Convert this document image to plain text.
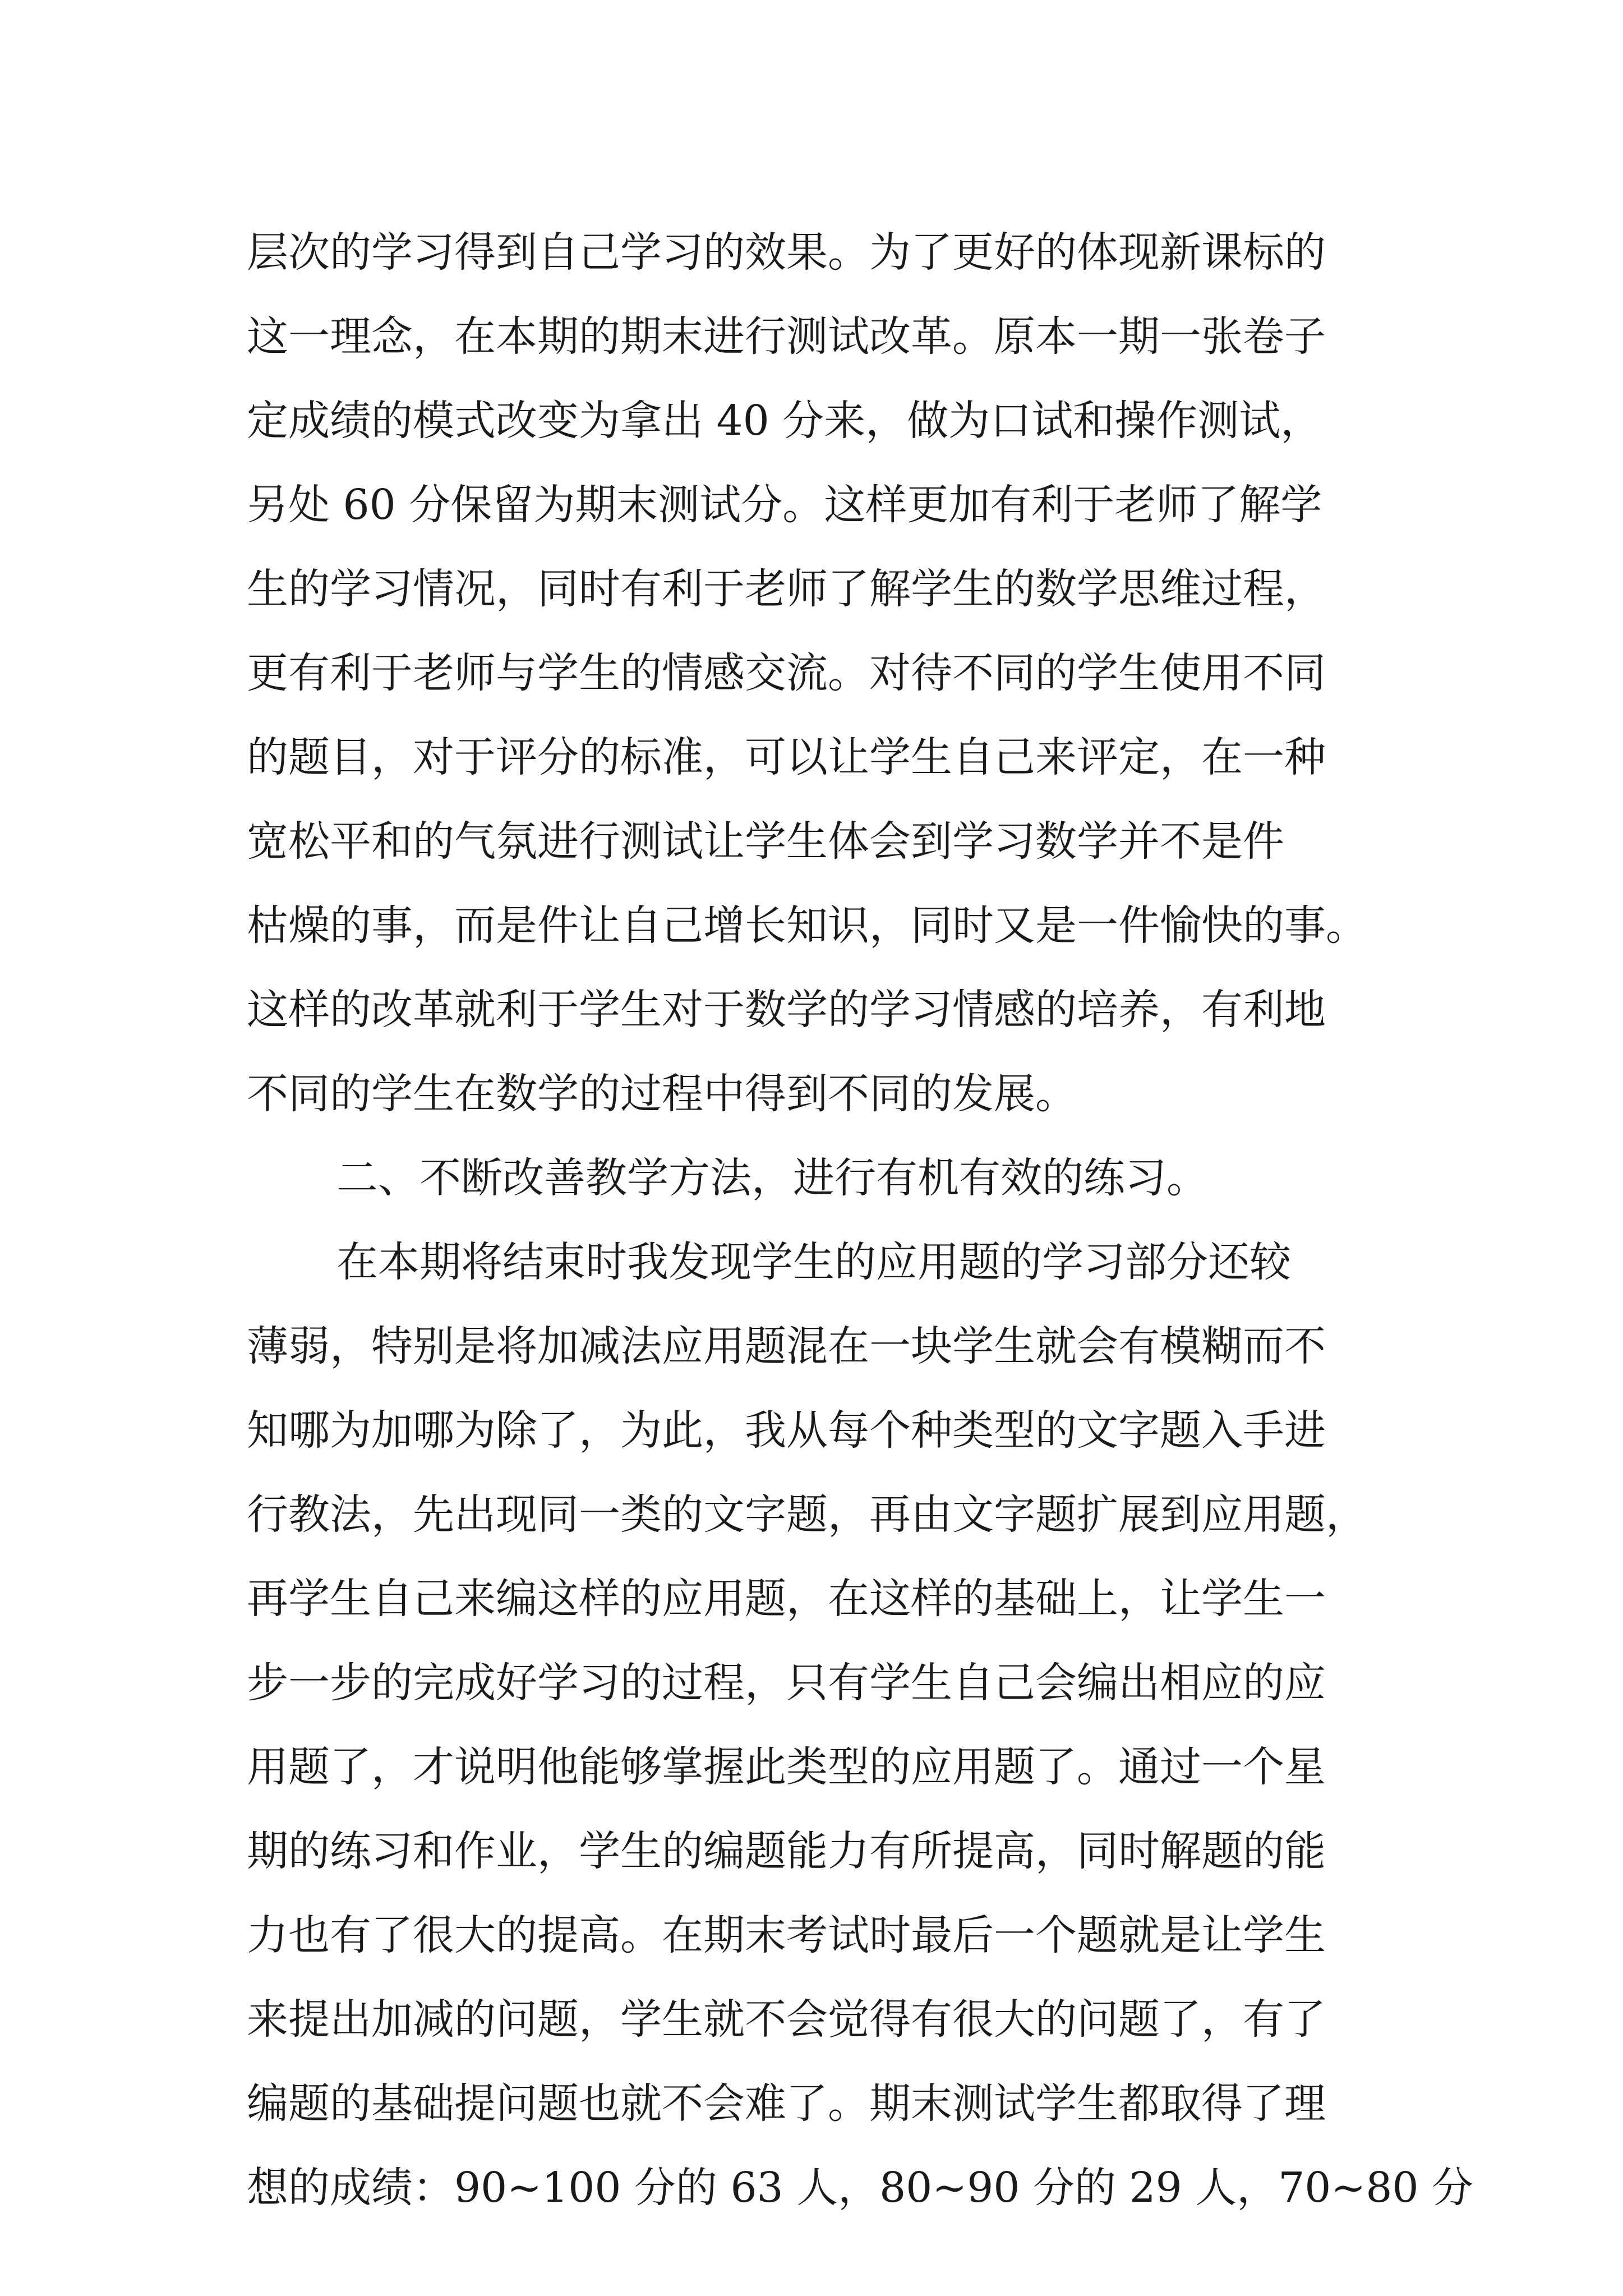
层次的学习得到自己学习的效果。为了更好的体现新课标的
这一理念，在本期的期末进行测试改革。原本一期一张卷子
定成绩的模式改变为拿出 40 分来，做为口试和操作测试，
另处 60 分保留为期末测试分。这样更加有利于老师了解学
生的学习情况，同时有利于老师了解学生的数学思维过程，
更有利于老师与学生的情感交流。对待不同的学生使用不同
的题目，对于评分的标准，可以让学生自己来评定，在一种
宽松平和的气氛进行测试让学生体会到学习数学并不是件
枯燥的事，而是件让自己增长知识，同时又是一件愉快的事。
这样的改革就利于学生对于数学的学习情感的培养，有利地
不同的学生在数学的过程中得到不同的发展。
二、不断改善教学方法，进行有机有效的练习。
在本期将结束时我发现学生的应用题的学习部分还较
薄弱，特别是将加减法应用题混在一块学生就会有模糊而不
知哪为加哪为除了，为此，我从每个种类型的文字题入手进
行教法，先出现同一类的文字题，再由文字题扩展到应用题，
再学生自己来编这样的应用题，在这样的基础上，让学生一
步一步的完成好学习的过程，只有学生自己会编出相应的应
用题了，才说明他能够掌握此类型的应用题了。通过一个星
期的练习和作业，学生的编题能力有所提高，同时解题的能
力也有了很大的提高。在期末考试时最后一个题就是让学生
来提出加减的问题，学生就不会觉得有很大的问题了，有了
编题的基础提问题也就不会难了。期末测试学生都取得了理
想的成绩：90~100 分的 63 人，80~90 分的 29 人，70~80 分
